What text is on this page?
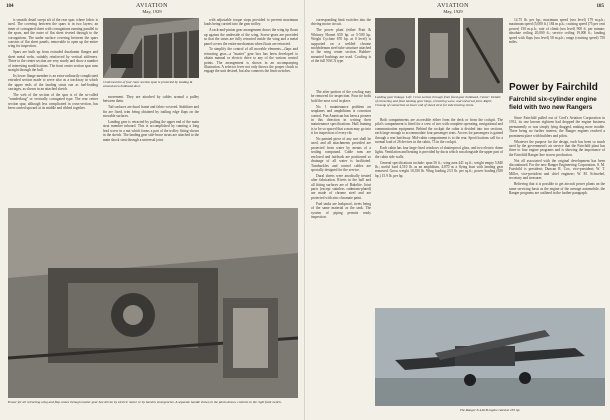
184	AVIATION
May, 1929

is smooth detail swept aft of the rear spar, where fabric is used. The covering between the spars is in two layers; an inner of corrugated sheet with corrugations running parallel to the spars, and the outer of flat sheet riveted through to the corrugations. The under surface covering between the spars consists of flat sheet panels, removable to open up the entire wing for inspection.

Spars are built up from extruded duralumin flanges and sheet metal webs, suitably reinforced by vertical stiffeners. Three to the center section are very sturdy and show a number of interesting modifications. The front center section spar runs straight through the hull.

Its lower flange member is an extra-ordinarily complicated extruded section made to serve also as a trackway in which the upper ends of the landing struts run as fuel-leading carriages, as shown in an attached sketch.

The web of the section of the spar is of the so-called "wanderkrug" or vertically corrugated type. The rear center section spar, although less complicated in cross-section, has been carried upward at its middle and ribbed together.

Centersection of four rotor section span is protected by leading & around area bulkhead door.

movement. They are attached by cables around a pulley between them.

Tail surfaces are dural frame and fabric-covered. Stabilizer and fin are fixed, trim being obtained by trailing edge flaps on the movable surfaces.

Landing gear is retracted by pulling the upper end of the main strut member inboard. This is accomplished by running a long lead screw in a nut which forms a part of the trolley fitting shown in the sketch. The landing gear side-brace struts are attached to the main shock strut through a universal joint.

with adjustable torque stops provided to prevent maximum loads being carried into the gear trolley.

A rack-and-pinion gear arrangement draws the wing tip floats up against the underside of the wing. Screw-gears are provided so that the struts are fully retracted inside the wing and a metal panel covers the entire mechanism when floats are retracted.

To simplify the control of all movable elements—flaps and retracting gear—a "master" gear box has been developed to obtain manual or electric drive to any of the various control points. The arrangement is shown in an accompanying illustration. A selector lever not only throws the proper clutch to engage the unit desired, but also connects the limit switches.

Power for all retracting wing and flap comes through master gear box driven by electric motor or by hand in emergencies. A separate handle shown in the photo draws, controls in the right faint switch.
AVIATION
May, 1929
185

corresponding limit switches into the driving motor circuit.

The power plant (either Pratt & Whitney Hornet 650 hp. or 5-500 hp. Wright Cyclone 670 hp. at 0 level) is supported on a welded chrome molybdenum steel tube structure attached to the wing center section. Rubber-mounted bushings are used. Cowling is of the full NACA type.

Landing gear linkage. Left: Cross section through front fixed gear bulkhead, Center: Details of retracting and float landing gear hinge, retracting wave, and universal joint. Right: Closeup of connection at lower end of shock strut for side bracing struts.

The after portion of the cowling may be removed for inspection. Four tie bolts hold the nose cowl in place.

No. 1 maintenance problem on seaplanes and amphibians is corrosion control. Pan American has been a pioneer in this direction in writing their maintenance specifications. Hull framing is to be so spaced that a man may go into it for inspection of every rib.

No painted piece of any sort shall be used, and all attachments provided are protected from water by means of a sealing compound. Cable runs are enclosed and fairleads are positioned so drainage of all water is facilitated. Turnbuckles and control cables are specially designed for the service.

Dural sheets were anodically treated after fabrication. Rivets in the hull and all fitting surfaces are of Bakelite. Joint parts (except stainless cadmium-plated) are made of chrome steel and are protected with zinc chromate paint.

Fuel tanks are leakproof, rivets being of the same material as the tank. The system of piping permits ready inspection.

Both compartments are accessible either from the deck or from the cockpit. The pilot's compartment is fitted for a crew of two with complete operating, navigational and communication equipment. Behind the cockpit the cabin is divided into two sections, each large enough to accommodate four passenger seats. Access for passengers is gained through a rear hatchway. Mid-cabin compartment is to the rear. Specifications call for a normal load of 26 devices in the cabin, 73 in the cockpit.

Each cabin has four large fixed windows of shatterproof glass, and two electric dome lights. Ventilation and heating is provided by ducts which run alongside the upper part of the cabin side walls.

General specifications include: span 56 ft.; wing area 441 sq.ft.; weight empty 5,840 lb.; useful load 4,510 lb. as an amphibian, 4,870 as a flying boat with landing gear removed. Gross weight 10,350 lb. Wing loading 23.5 lb. per sq.ft.; power loading (650 hp.) 15.9 lb. per hp.

14.75 lb. per hp.; maximum speed (sea level) 179 m.p.h.; maximum speed (5,000 ft.) 184 m.p.h.; cruising speed (75 per cent power) 150 m.p.h.; rate of climb (sea level) 900 ft. per minute; absolute ceiling 20,000 ft.; service ceiling 19,000 ft.; landing speed with flaps (sea level) 58 m.p.h.; range (cruising speed) 750 miles.

Power by Fairchild
Fairchild six-cylinder engine field with two new Rangers

Since Fairchild pulled out of Cord's Aviation Corporation in 1931, its one known eighteen had dropped the engine business permanently or was simply lying dragged, making more trouble. There being no further interest, the Ranger engines reached a prominent place with builders and pilots.

Whatever the purpose for the design, each has been so much used by the government's air service that the Fairchild plant has three to four engine programs and is showing the importance of the Fairchild Ranger line in new production.

Not all associated with the original development has been discontinued. For the new Ranger Engineering Corporation, S. M. Fairchild is president; Duncan R. Cox, vice-president; W. T. Miller, vice-president and chief engineer; W. M. Schwebel, secretary and treasurer.

Believing that it is possible to get aircraft power plants on the same servicing basis as the engine of the average automobile, the Ranger programs are outlined in the further paragraph.

The Ranger 6-440-B engine rated at 165 hp.
